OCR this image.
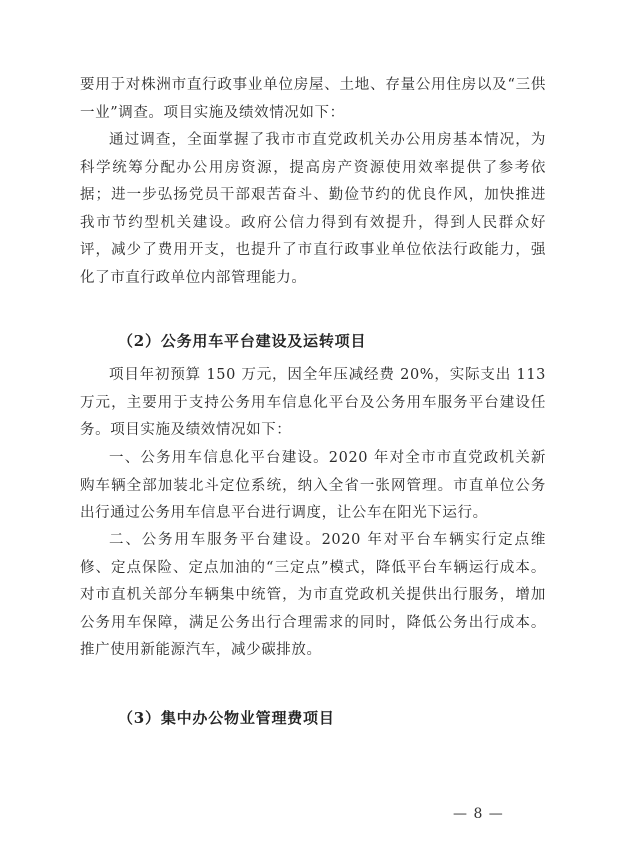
要用于对株洲市直行政事业单位房屋、土地、存量公用住房以及“三供一业”调查。项目实施及绩效情况如下：

通过调查，全面掌握了我市市直党政机关办公用房基本情况，为科学统筹分配办公用房资源，提高房产资源使用效率提供了参考依据；进一步弘扬党员干部艰苦奋斗、勤俭节约的优良作风，加快推进我市节约型机关建设。政府公信力得到有效提升，得到人民群众好评，减少了费用开支，也提升了市直行政事业单位依法行政能力，强化了市直行政单位内部管理能力。

（2）公务用车平台建设及运转项目

项目年初预算 150 万元，因全年压减经费 20%，实际支出 113 万元，主要用于支持公务用车信息化平台及公务用车服务平台建设任务。项目实施及绩效情况如下：

一、公务用车信息化平台建设。2020 年对全市市直党政机关新购车辆全部加装北斗定位系统，纳入全省一张网管理。市直单位公务出行通过公务用车信息平台进行调度，让公车在阳光下运行。

二、公务用车服务平台建设。2020 年对平台车辆实行定点维修、定点保险、定点加油的“三定点”模式，降低平台车辆运行成本。对市直机关部分车辆集中统管，为市直党政机关提供出行服务，增加公务用车保障，满足公务出行合理需求的同时，降低公务出行成本。推广使用新能源汽车，减少碳排放。

（3）集中办公物业管理费项目
— 8 —
